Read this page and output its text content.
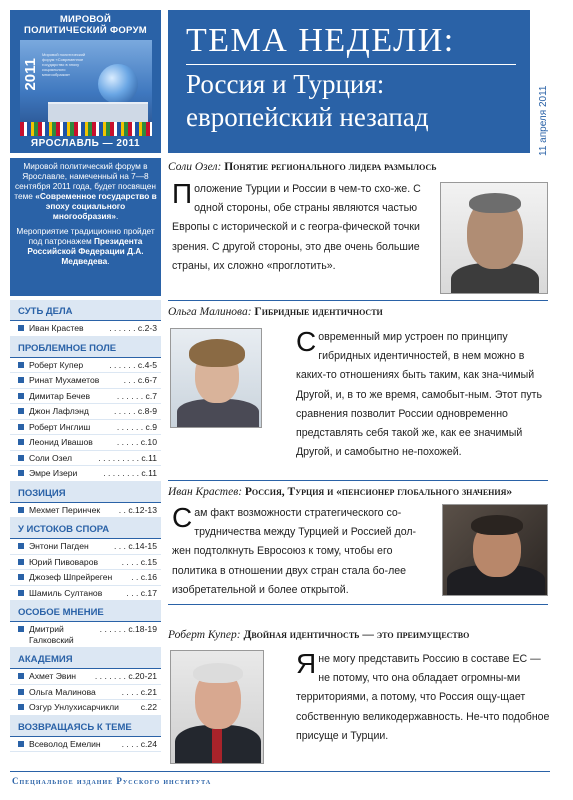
МИРОВОЙ
ПОЛИТИЧЕСКИЙ ФОРУМ
2011
Мировой политический форум «Современное государство в эпоху социального многообразия»
ЯРОСЛАВЛЬ — 2011
ТЕМА НЕДЕЛИ:
Россия и Турция:
европейский незапад	11 апреля 2011

Мировой политический форум в Ярославле, намеченный на 7—8 сентября 2011 года, будет посвящен теме «Современное государство в эпоху социального многообразия».

Мероприятие традиционно пройдет под патронажем Президента Российской Федерации Д.А. Медведева.

СУТЬ ДЕЛА
Иван Крастев	. . . . . . c.2-3
ПРОБЛЕМНОЕ ПОЛЕ
Роберт Купер	. . . . . . c.4-5
Ринат Мухаметов	. . . c.6-7
Димитар Бечев	. . . . . . c.7
Джон Лафлэнд	. . . . . c.8-9
Роберт Инглиш	. . . . . . c.9
Леонид Ивашов	. . . . . c.10
Соли Озел	. . . . . . . . . c.11
Эмре Изери	. . . . . . . . c.11
ПОЗИЦИЯ
Мехмет Перинчек	. . c.12-13
У ИСТОКОВ СПОРА
Энтони Пагден	. . . c.14-15
Юрий Пивоваров	. . . . c.15
Джозеф Шпрейреген	. . c.16
Шамиль Султанов	. . . c.17
ОСОБОЕ МНЕНИЕ
Дмитрий Галковский
. . . . . . c.18-19
АКАДЕМИЯ
Ахмет Эвин	. . . . . . . c.20-21
Ольга Малинова	. . . . c.21
Озгур Унлухисарчикли	c.22
ВОЗВРАЩАЯСЬ К ТЕМЕ
Всеволод Емелин	. . . . c.24
Соли Озел: Понятие регионального лидера размылось
Положение Турции и России в чем-то схо-же. С одной стороны, обе страны являются частью Европы с исторической и с геогра-фической точки зрения. С другой стороны, это две очень большие страны, их сложно «проглотить».
Ольга Малинова: Гибридные идентичности
Современный мир устроен по принципу гибридных идентичностей, в нем можно в каких-то отношениях быть таким, как зна-чимый Другой, и, в то же время, самобыт-ным. Этот путь сравнения позволит России одновременно представлять себя такой же, как ее значимый Другой, и самобытно не-похожей.
Иван Крастев: Россия, Турция и «пенсионер глобального значения»
Сам факт возможности стратегического со-трудничества между Турцией и Россией дол-жен подтолкнуть Евросоюз к тому, чтобы его политика в отношении двух стран стала бо-лее изобретательной и более открытой.
Роберт Купер: Двойная идентичность — это преимущество
Яне могу представить Россию в составе ЕС — не потому, что она обладает огромны-ми территориями, а потому, что Россия ощу-щает собственную великодержавность. Не-что подобное присуще и Турции.
Специальное издание Русского института
